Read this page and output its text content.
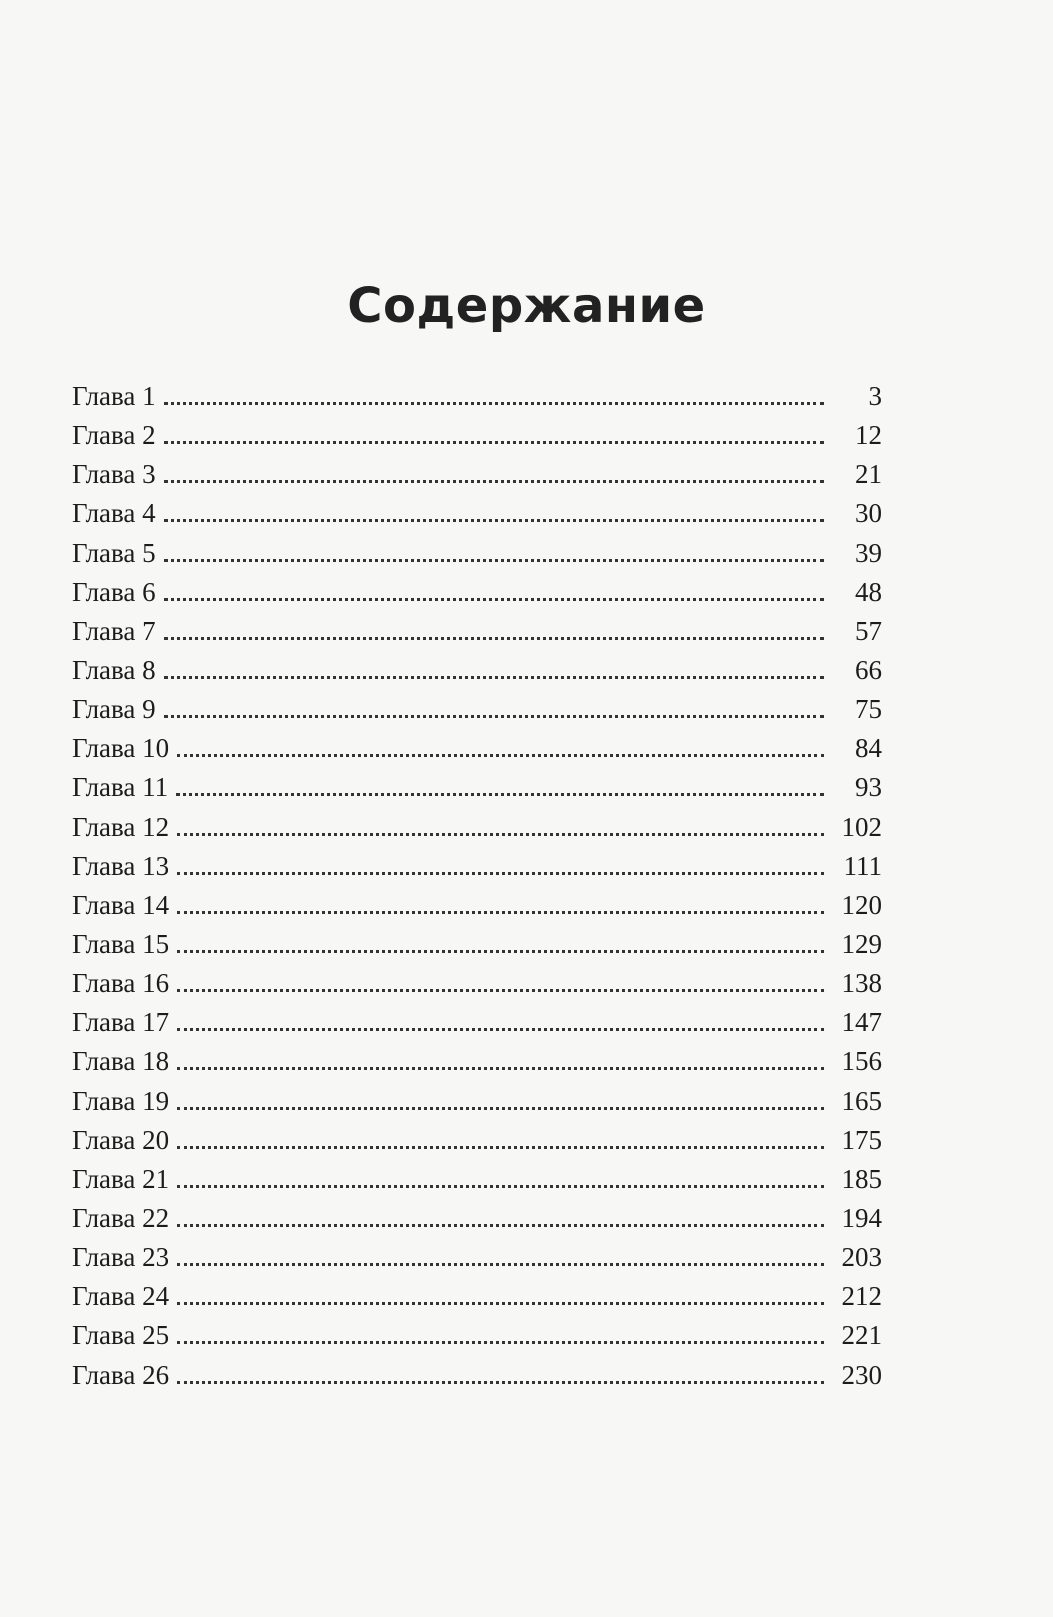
Содержание
Глава 1	3
Глава 2	12
Глава 3	21
Глава 4	30
Глава 5	39
Глава 6	48
Глава 7	57
Глава 8	66
Глава 9	75
Глава 10	84
Глава 11	93
Глава 12	102
Глава 13	111
Глава 14	120
Глава 15	129
Глава 16	138
Глава 17	147
Глава 18	156
Глава 19	165
Глава 20	175
Глава 21	185
Глава 22	194
Глава 23	203
Глава 24	212
Глава 25	221
Глава 26	230
